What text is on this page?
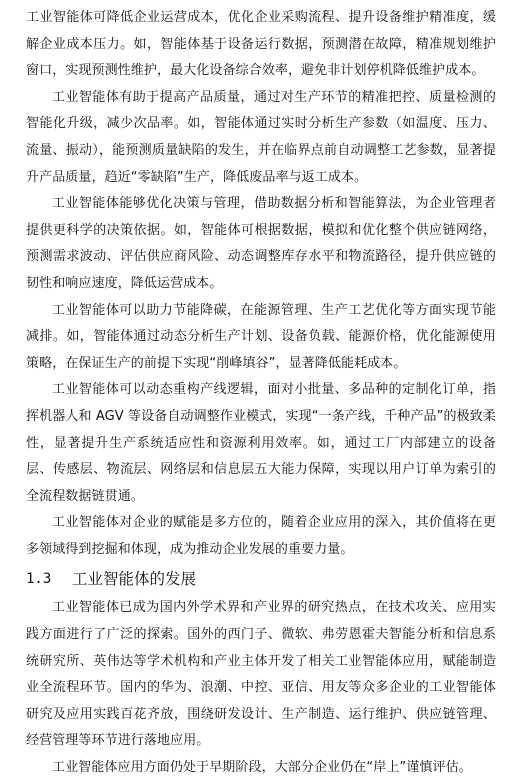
工业智能体可降低企业运营成本，优化企业采购流程、提升设备维护精准度，缓解企业成本压力。如，智能体基于设备运行数据，预测潜在故障，精准规划维护窗口，实现预测性维护，最大化设备综合效率，避免非计划停机降低维护成本。

工业智能体有助于提高产品质量，通过对生产环节的精准把控、质量检测的智能化升级，减少次品率。如，智能体通过实时分析生产参数（如温度、压力、流量、振动），能预测质量缺陷的发生，并在临界点前自动调整工艺参数，显著提升产品质量，趋近“零缺陷”生产，降低废品率与返工成本。

工业智能体能够优化决策与管理，借助数据分析和智能算法，为企业管理者提供更科学的决策依据。如，智能体可根据数据，模拟和优化整个供应链网络，预测需求波动、评估供应商风险、动态调整库存水平和物流路径，提升供应链的韧性和响应速度，降低运营成本。

工业智能体可以助力节能降碳，在能源管理、生产工艺优化等方面实现节能减排。如，智能体通过动态分析生产计划、设备负载、能源价格，优化能源使用策略，在保证生产的前提下实现“削峰填谷”，显著降低能耗成本。

工业智能体可以动态重构产线逻辑，面对小批量、多品种的定制化订单，指挥机器人和 AGV 等设备自动调整作业模式，实现“一条产线，千种产品”的极致柔性，显著提升生产系统适应性和资源利用效率。如，通过工厂内部建立的设备层、传感层、物流层、网络层和信息层五大能力保障，实现以用户订单为索引的全流程数据链贯通。

工业智能体对企业的赋能是多方位的，随着企业应用的深入，其价值将在更多领域得到挖掘和体现，成为推动企业发展的重要力量。

1.3	工业智能体的发展

工业智能体已成为国内外学术界和产业界的研究热点，在技术攻关、应用实践方面进行了广泛的探索。国外的西门子、微软、弗劳恩霍夫智能分析和信息系统研究所、英伟达等学术机构和产业主体开发了相关工业智能体应用，赋能制造业全流程环节。国内的华为、浪潮、中控、亚信、用友等众多企业的工业智能体研究及应用实践百花齐放，围绕研发设计、生产制造、运行维护、供应链管理、经营管理等环节进行落地应用。

工业智能体应用方面仍处于早期阶段，大部分企业仍在“岸上”谨慎评估。
